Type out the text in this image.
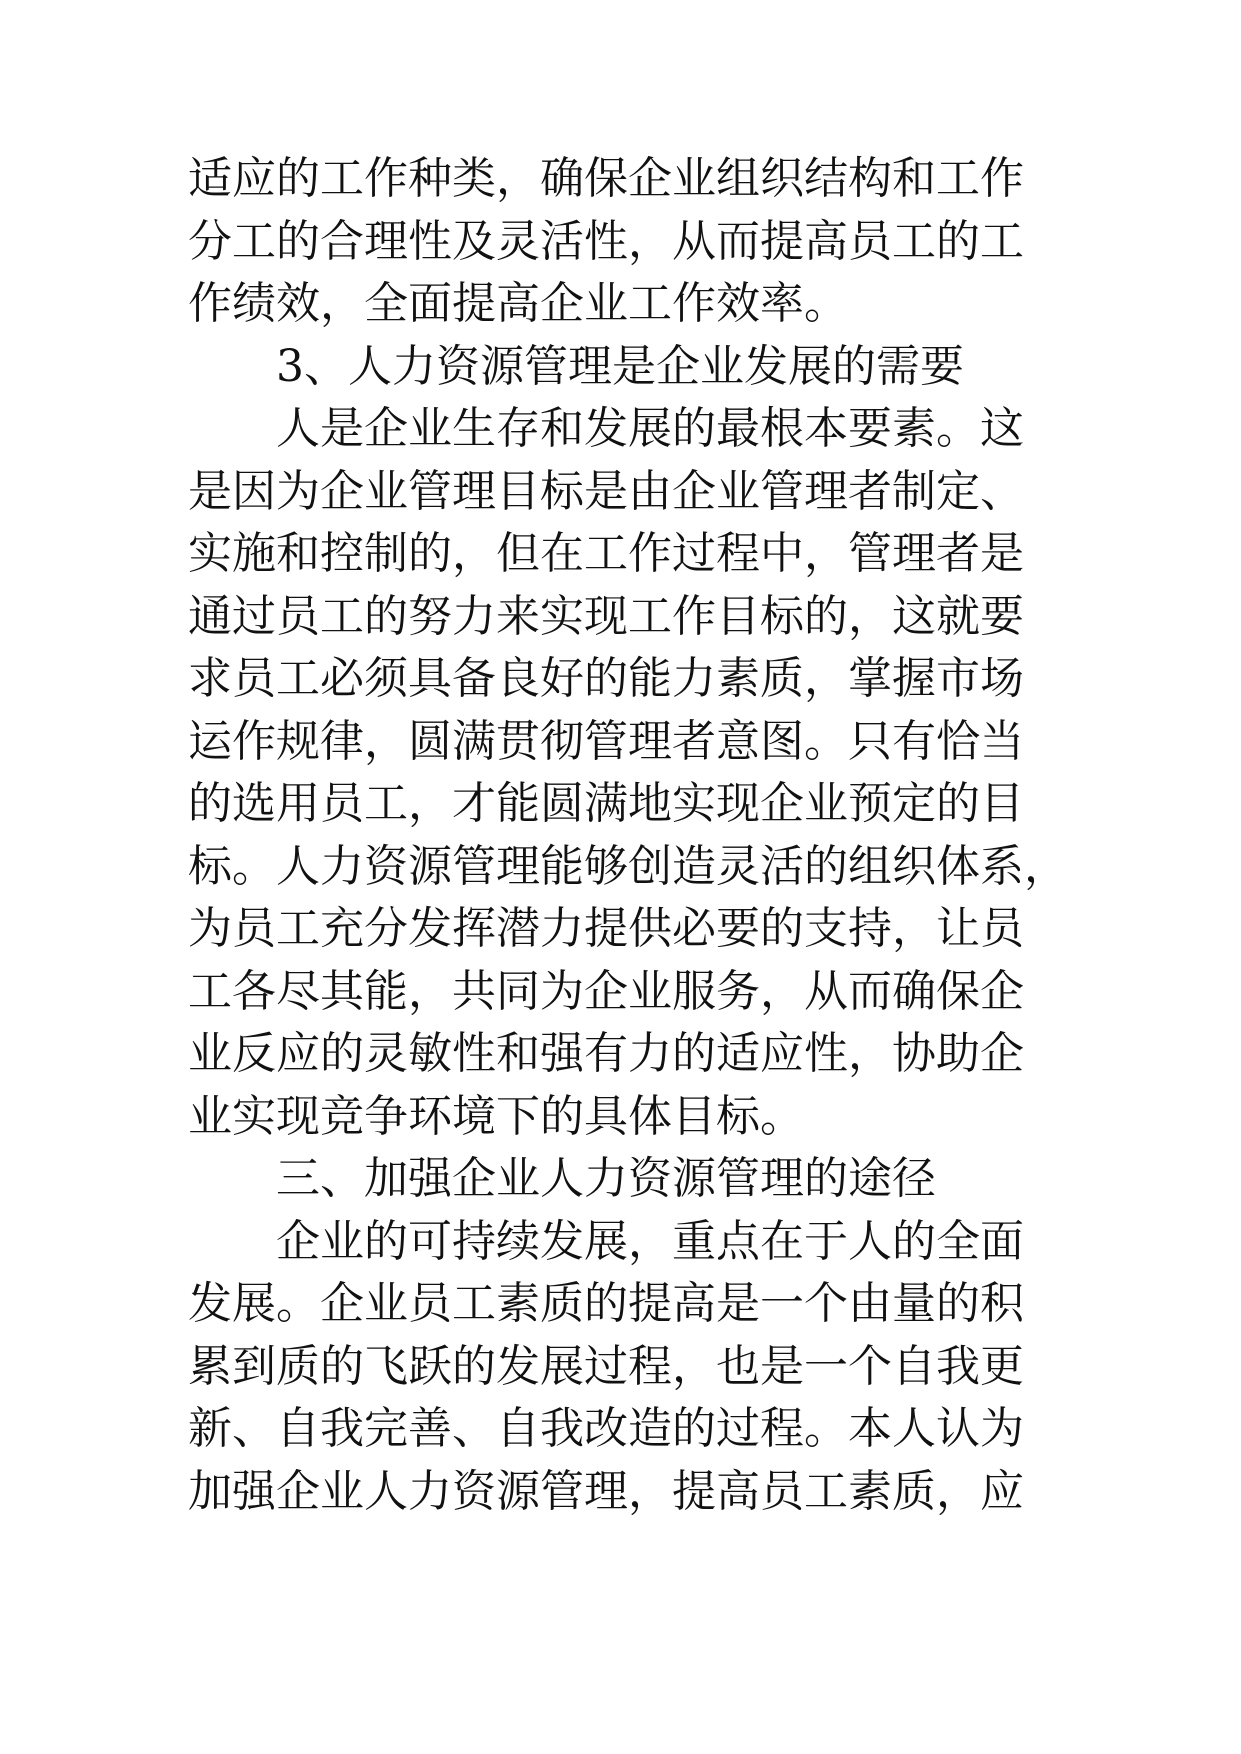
适应的工作种类，确保企业组织结构和工作
分工的合理性及灵活性，从而提高员工的工
作绩效，全面提高企业工作效率。
3、人力资源管理是企业发展的需要
人是企业生存和发展的最根本要素。这
是因为企业管理目标是由企业管理者制定、
实施和控制的，但在工作过程中，管理者是
通过员工的努力来实现工作目标的，这就要
求员工必须具备良好的能力素质，掌握市场
运作规律，圆满贯彻管理者意图。只有恰当
的选用员工，才能圆满地实现企业预定的目
标。人力资源管理能够创造灵活的组织体系，
为员工充分发挥潜力提供必要的支持，让员
工各尽其能，共同为企业服务，从而确保企
业反应的灵敏性和强有力的适应性，协助企
业实现竞争环境下的具体目标。
三、加强企业人力资源管理的途径
企业的可持续发展，重点在于人的全面
发展。企业员工素质的提高是一个由量的积
累到质的飞跃的发展过程，也是一个自我更
新、自我完善、自我改造的过程。本人认为
加强企业人力资源管理，提高员工素质，应
